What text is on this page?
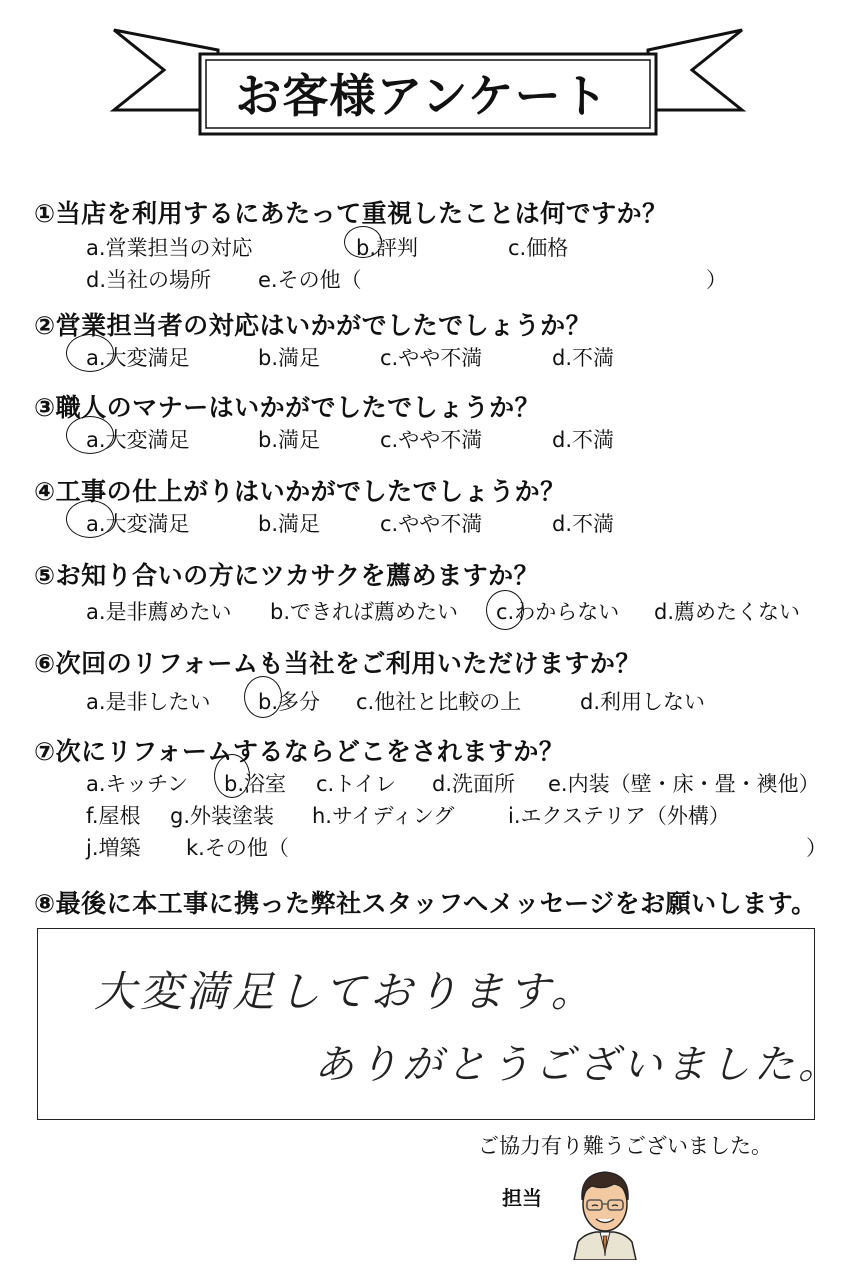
お客様アンケート
①当店を利用するにあたって重視したことは何ですか？
a.営業担当の対応	b.評判	c.価格
d.当社の場所 e.その他（	）
②営業担当者の対応はいかがでしたでしょうか？
a.大変満足	b.満足	c.やや不満	d.不満
③職人のマナーはいかがでしたでしょうか？
a.大変満足	b.満足	c.やや不満	d.不満
④工事の仕上がりはいかがでしたでしょうか？
a.大変満足	b.満足	c.やや不満	d.不満
⑤お知り合いの方にツカサクを薦めますか？
a.是非薦めたい b.できれば薦めたい c.わからない d.薦めたくない
⑥次回のリフォームも当社をご利用いただけますか？
a.是非したい b.多分 c.他社と比較の上	d.利用しない
⑦次にリフォームするならどこをされますか？
a.キッチン b.浴室 c.トイレ d.洗面所 e.内装（壁・床・畳・襖他）
f.屋根 g.外装塗装 h.サイディング	i.エクステリア（外構）
j.増築 k.その他（	）
⑧最後に本工事に携った弊社スタッフへメッセージをお願いします。
大変満足しております。
ありがとうございました。
ご協力有り難うございました。
担当
